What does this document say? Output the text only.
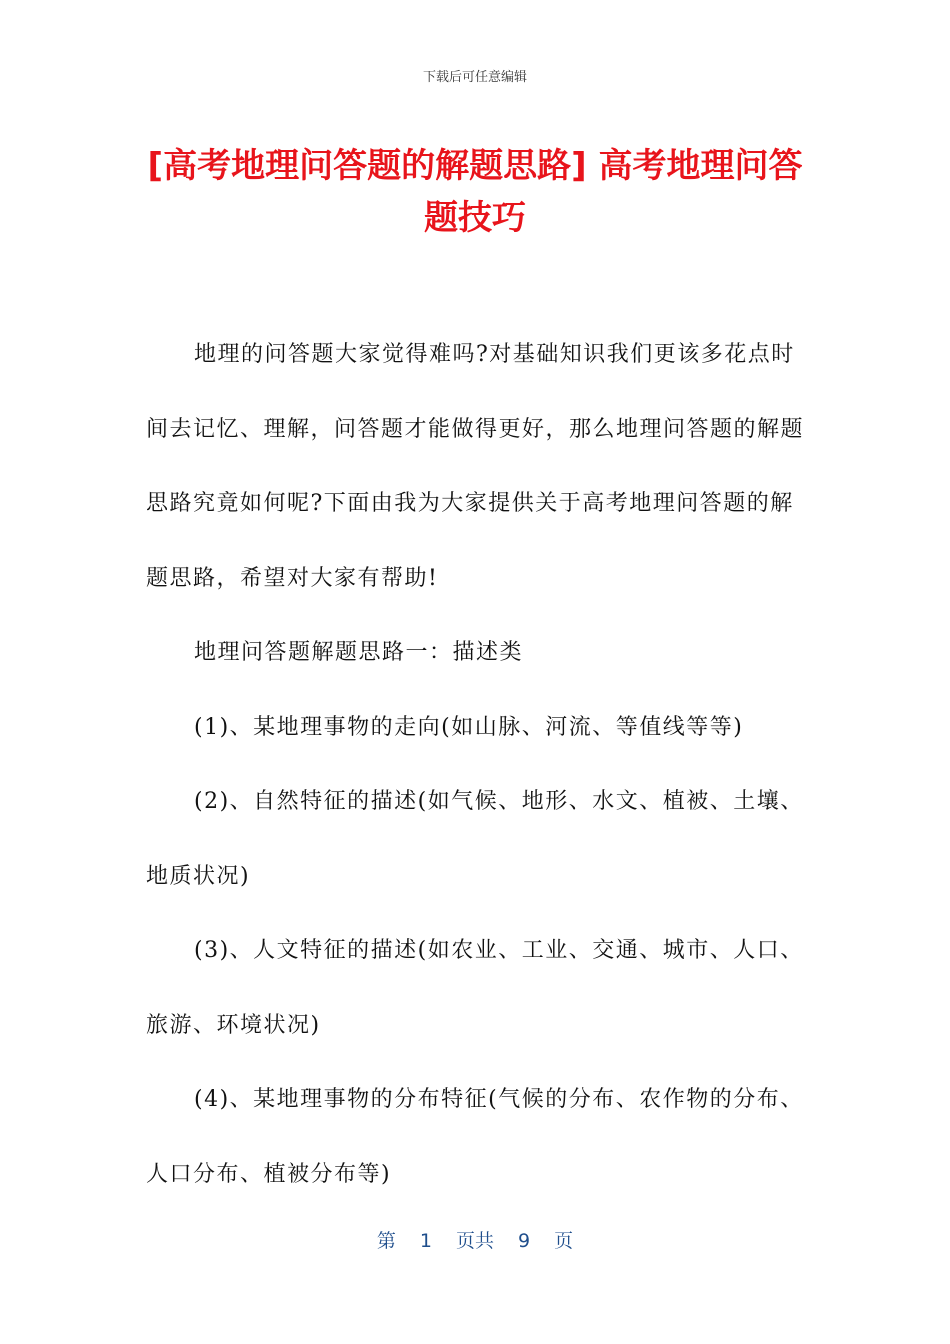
下载后可任意编辑
[高考地理问答题的解题思路] 高考地理问答题技巧

地理的问答题大家觉得难吗?对基础知识我们更该多花点时间去记忆、理解，问答题才能做得更好，那么地理问答题的解题思路究竟如何呢?下面由我为大家提供关于高考地理问答题的解题思路，希望对大家有帮助!

地理问答题解题思路一：描述类

(1)、某地理事物的走向(如山脉、河流、等值线等等)

(2)、自然特征的描述(如气候、地形、水文、植被、土壤、地质状况)

(3)、人文特征的描述(如农业、工业、交通、城市、人口、旅游、环境状况)

(4)、某地理事物的分布特征(气候的分布、农作物的分布、人口分布、植被分布等)

第 1 页共 9 页
